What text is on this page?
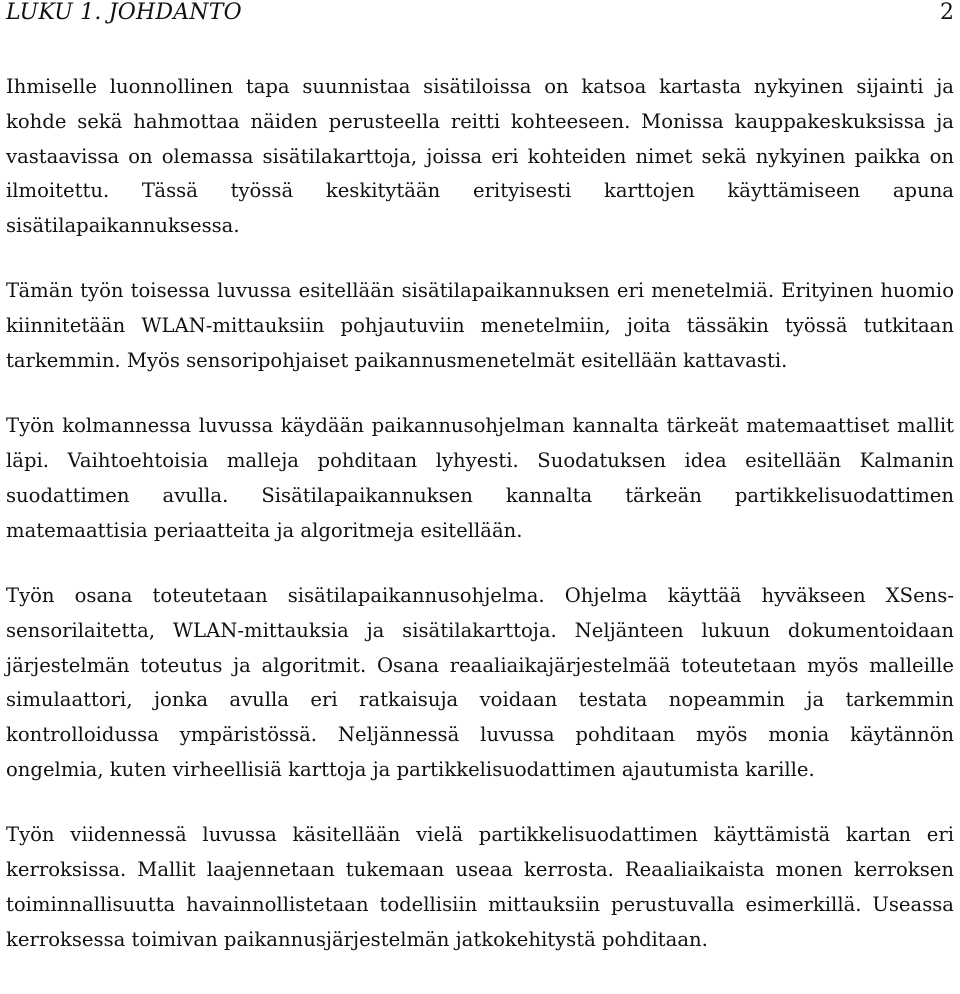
LUKU 1. JOHDANTO	2

Ihmiselle luonnollinen tapa suunnistaa sisätiloissa on katsoa kartasta nykyinen sijainti ja kohde sekä hahmottaa näiden perusteella reitti kohteeseen. Monissa kauppakeskuksissa ja vastaavissa on olemassa sisätilakarttoja, joissa eri kohteiden nimet sekä nykyinen paikka on ilmoitettu. Tässä työssä keskitytään erityisesti karttojen käyttämiseen apuna sisätilapaikannuksessa.

Tämän työn toisessa luvussa esitellään sisätilapaikannuksen eri menetelmiä. Erityinen huomio kiinnitetään WLAN-mittauksiin pohjautuviin menetelmiin, joita tässäkin työssä tutkitaan tarkemmin. Myös sensoripohjaiset paikannusmenetelmät esitellään kattavasti.

Työn kolmannessa luvussa käydään paikannusohjelman kannalta tärkeät matemaattiset mallit läpi. Vaihtoehtoisia malleja pohditaan lyhyesti. Suodatuksen idea esitellään Kalmanin suodattimen avulla. Sisätilapaikannuksen kannalta tärkeän partikkelisuodattimen matemaattisia periaatteita ja algoritmeja esitellään.

Työn osana toteutetaan sisätilapaikannusohjelma. Ohjelma käyttää hyväkseen XSenssensorilaitetta, WLAN-mittauksia ja sisätilakarttoja. Neljänteen lukuun dokumentoidaan järjestelmän toteutus ja algoritmit. Osana reaaliaikajärjestelmää toteutetaan myös malleille simulaattori, jonka avulla eri ratkaisuja voidaan testata nopeammin ja tarkemmin kontrolloidussa ympäristössä. Neljännessä luvussa pohditaan myös monia käytännön ongelmia, kuten virheellisiä karttoja ja partikkelisuodattimen ajautumista karille.

Työn viidennessä luvussa käsitellään vielä partikkelisuodattimen käyttämistä kartan eri kerroksissa. Mallit laajennetaan tukemaan useaa kerrosta. Reaaliaikaista monen kerroksen toiminnallisuutta havainnollistetaan todellisiin mittauksiin perustuvalla esimerkillä. Useassa kerroksessa toimivan paikannusjärjestelmän jatkokehitystä pohditaan.
